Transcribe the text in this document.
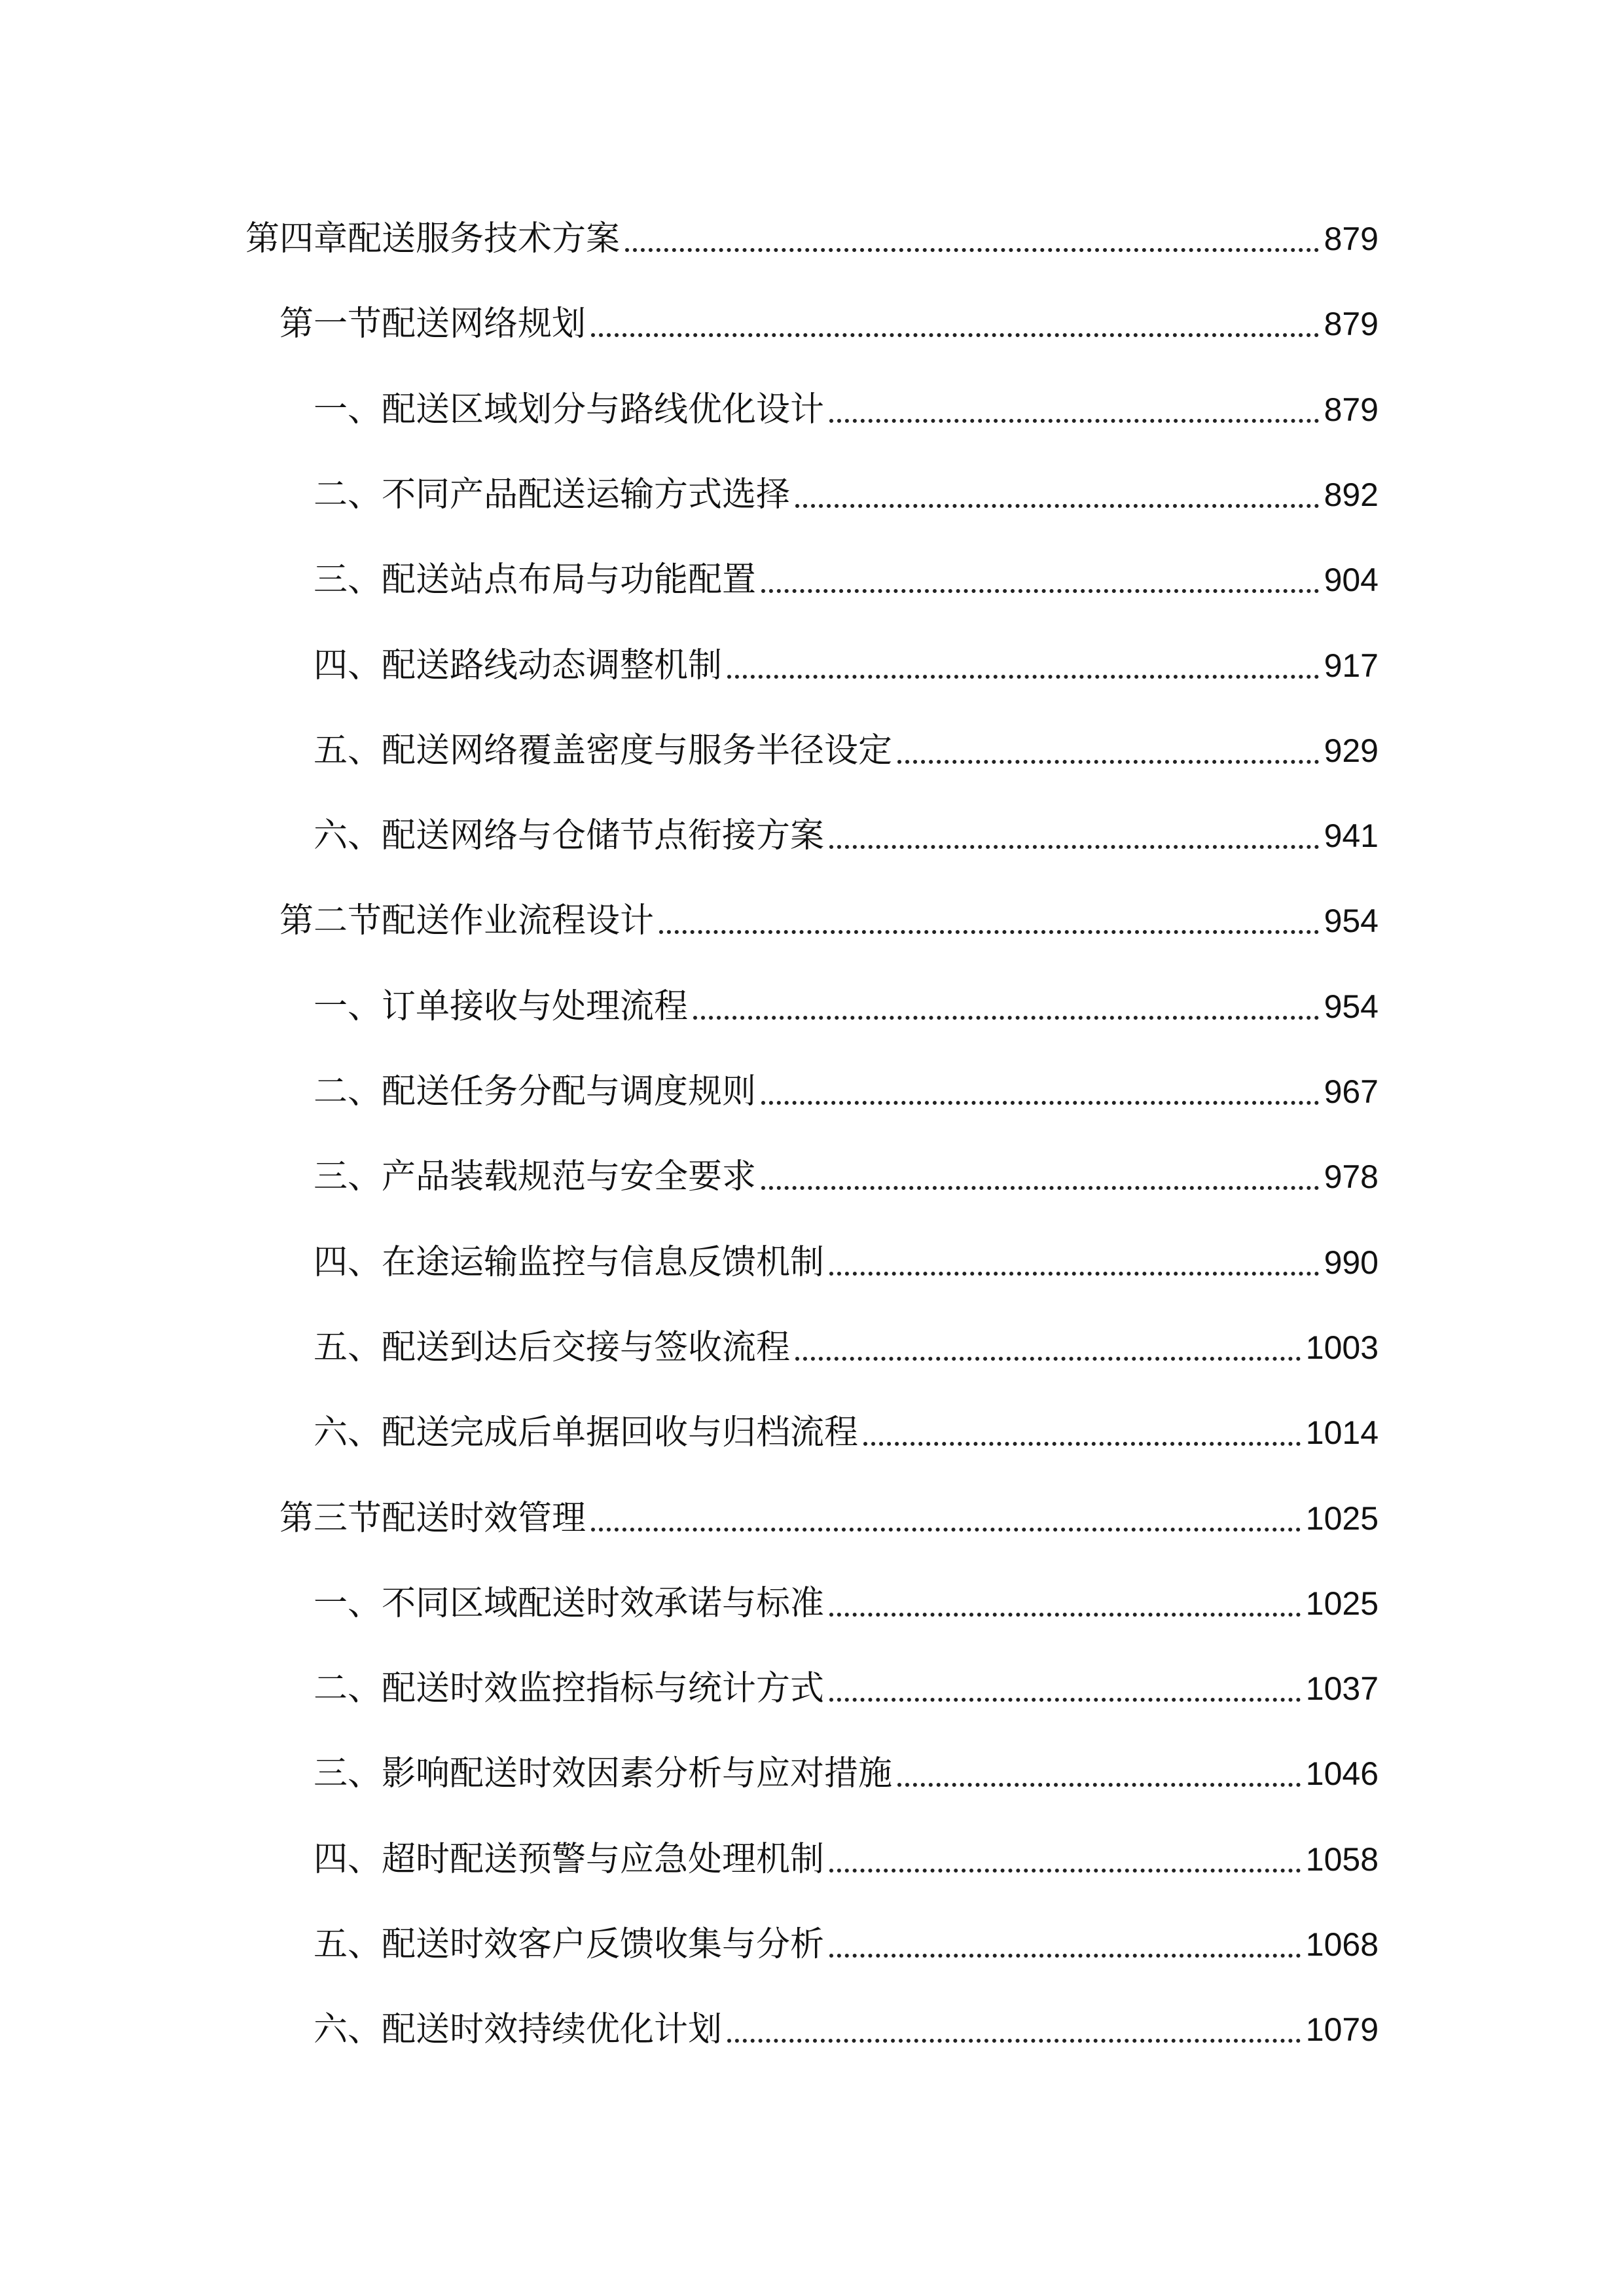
第四章配送服务技术方案	879
第一节配送网络规划	879
一、配送区域划分与路线优化设计	879
二、不同产品配送运输方式选择	892
三、配送站点布局与功能配置	904
四、配送路线动态调整机制	917
五、配送网络覆盖密度与服务半径设定	929
六、配送网络与仓储节点衔接方案	941
第二节配送作业流程设计	954
一、订单接收与处理流程	954
二、配送任务分配与调度规则	967
三、产品装载规范与安全要求	978
四、在途运输监控与信息反馈机制	990
五、配送到达后交接与签收流程	1003
六、配送完成后单据回收与归档流程	1014
第三节配送时效管理	1025
一、不同区域配送时效承诺与标准	1025
二、配送时效监控指标与统计方式	1037
三、影响配送时效因素分析与应对措施	1046
四、超时配送预警与应急处理机制	1058
五、配送时效客户反馈收集与分析	1068
六、配送时效持续优化计划	1079
